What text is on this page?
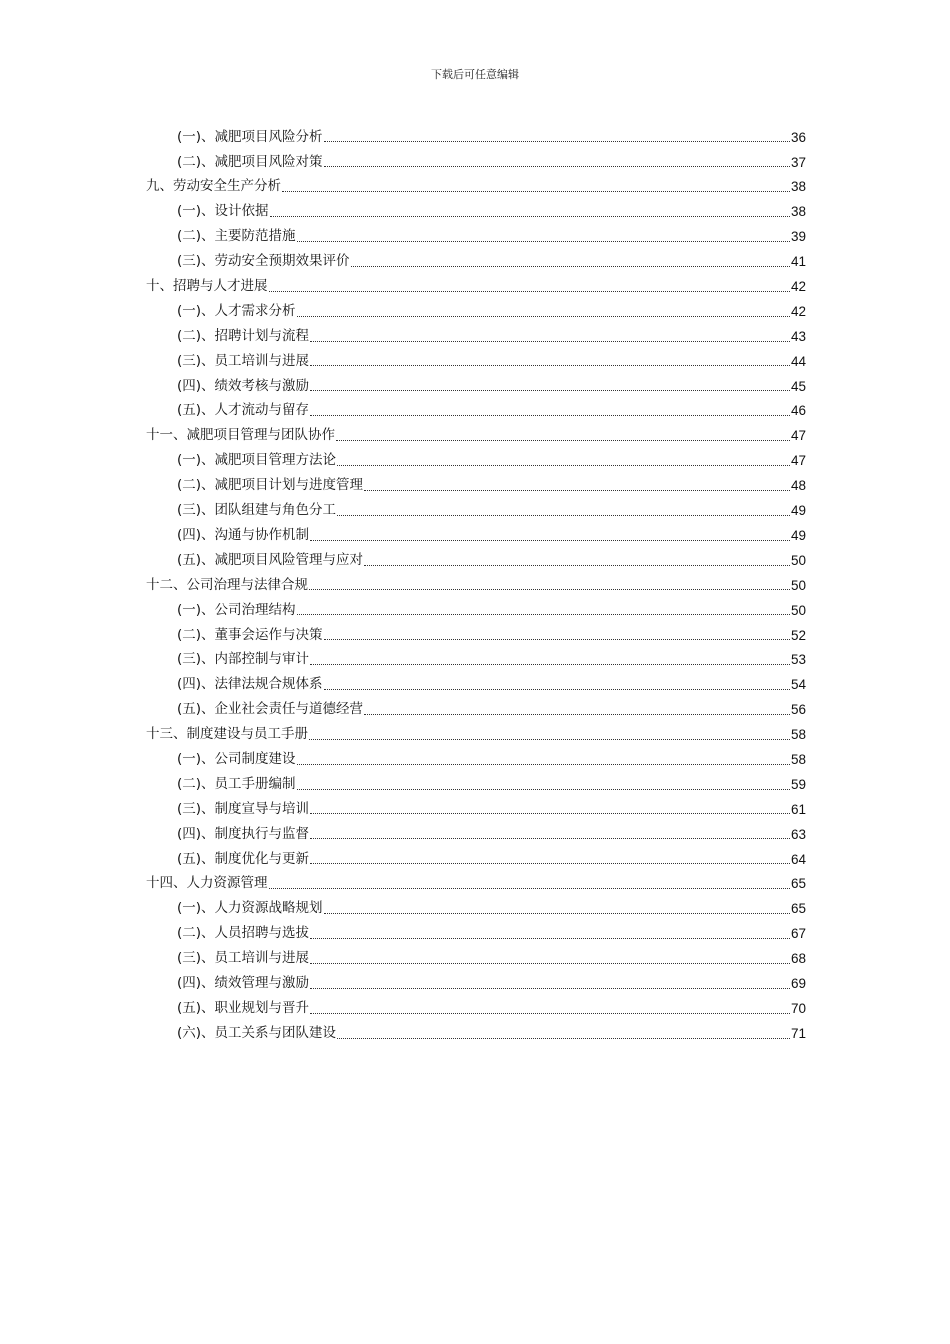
下载后可任意编辑
(一)、减肥项目风险分析	36
(二)、减肥项目风险对策	37
九、劳动安全生产分析	38
(一)、设计依据	38
(二)、主要防范措施	39
(三)、劳动安全预期效果评价	41
十、招聘与人才进展	42
(一)、人才需求分析	42
(二)、招聘计划与流程	43
(三)、员工培训与进展	44
(四)、绩效考核与激励	45
(五)、人才流动与留存	46
十一、减肥项目管理与团队协作	47
(一)、减肥项目管理方法论	47
(二)、减肥项目计划与进度管理	48
(三)、团队组建与角色分工	49
(四)、沟通与协作机制	49
(五)、减肥项目风险管理与应对	50
十二、公司治理与法律合规	50
(一)、公司治理结构	50
(二)、董事会运作与决策	52
(三)、内部控制与审计	53
(四)、法律法规合规体系	54
(五)、企业社会责任与道德经营	56
十三、制度建设与员工手册	58
(一)、公司制度建设	58
(二)、员工手册编制	59
(三)、制度宣导与培训	61
(四)、制度执行与监督	63
(五)、制度优化与更新	64
十四、人力资源管理	65
(一)、人力资源战略规划	65
(二)、人员招聘与选拔	67
(三)、员工培训与进展	68
(四)、绩效管理与激励	69
(五)、职业规划与晋升	70
(六)、员工关系与团队建设	71
